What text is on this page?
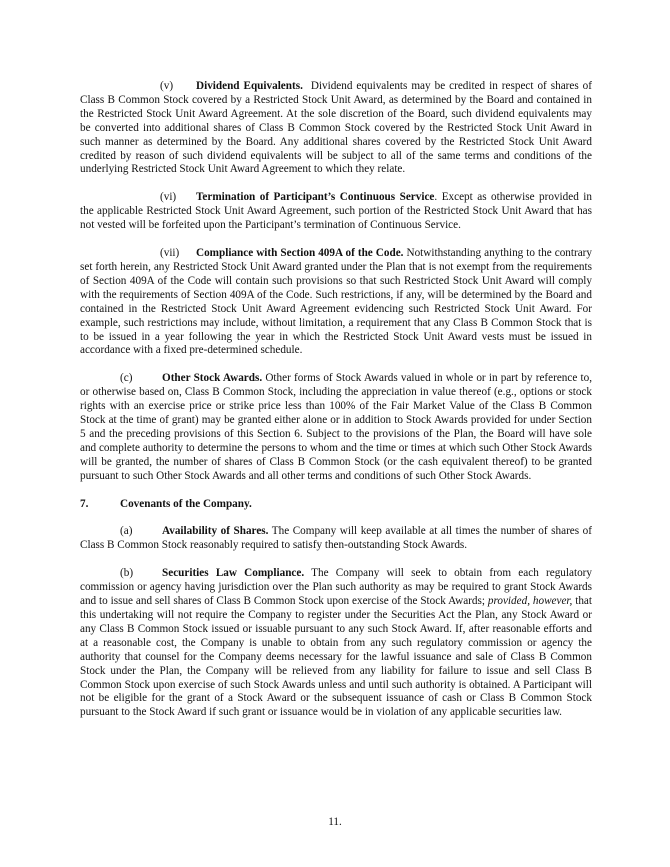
(v) Dividend Equivalents. Dividend equivalents may be credited in respect of shares of Class B Common Stock covered by a Restricted Stock Unit Award, as determined by the Board and contained in the Restricted Stock Unit Award Agreement. At the sole discretion of the Board, such dividend equivalents may be converted into additional shares of Class B Common Stock covered by the Restricted Stock Unit Award in such manner as determined by the Board. Any additional shares covered by the Restricted Stock Unit Award credited by reason of such dividend equivalents will be subject to all of the same terms and conditions of the underlying Restricted Stock Unit Award Agreement to which they relate.

(vi) Termination of Participant’s Continuous Service. Except as otherwise provided in the applicable Restricted Stock Unit Award Agreement, such portion of the Restricted Stock Unit Award that has not vested will be forfeited upon the Participant’s termination of Continuous Service.

(vii) Compliance with Section 409A of the Code. Notwithstanding anything to the contrary set forth herein, any Restricted Stock Unit Award granted under the Plan that is not exempt from the requirements of Section 409A of the Code will contain such provisions so that such Restricted Stock Unit Award will comply with the requirements of Section 409A of the Code. Such restrictions, if any, will be determined by the Board and contained in the Restricted Stock Unit Award Agreement evidencing such Restricted Stock Unit Award. For example, such restrictions may include, without limitation, a requirement that any Class B Common Stock that is to be issued in a year following the year in which the Restricted Stock Unit Award vests must be issued in accordance with a fixed pre-determined schedule.

(c)	Other Stock Awards. Other forms of Stock Awards valued in whole or in part by reference to, or otherwise based on, Class B Common Stock, including the appreciation in value thereof (e.g., options or stock rights with an exercise price or strike price less than 100% of the Fair Market Value of the Class B Common Stock at the time of grant) may be granted either alone or in addition to Stock Awards provided for under Section 5 and the preceding provisions of this Section 6. Subject to the provisions of the Plan, the Board will have sole and complete authority to determine the persons to whom and the time or times at which such Other Stock Awards will be granted, the number of shares of Class B Common Stock (or the cash equivalent thereof) to be granted pursuant to such Other Stock Awards and all other terms and conditions of such Other Stock Awards.

7.	Covenants of the Company.

(a)	Availability of Shares. The Company will keep available at all times the number of shares of Class B Common Stock reasonably required to satisfy then-outstanding Stock Awards.

(b)	Securities Law Compliance. The Company will seek to obtain from each regulatory commission or agency having jurisdiction over the Plan such authority as may be required to grant Stock Awards and to issue and sell shares of Class B Common Stock upon exercise of the Stock Awards; provided, however, that this undertaking will not require the Company to register under the Securities Act the Plan, any Stock Award or any Class B Common Stock issued or issuable pursuant to any such Stock Award. If, after reasonable efforts and at a reasonable cost, the Company is unable to obtain from any such regulatory commission or agency the authority that counsel for the Company deems necessary for the lawful issuance and sale of Class B Common Stock under the Plan, the Company will be relieved from any liability for failure to issue and sell Class B Common Stock upon exercise of such Stock Awards unless and until such authority is obtained. A Participant will not be eligible for the grant of a Stock Award or the subsequent issuance of cash or Class B Common Stock pursuant to the Stock Award if such grant or issuance would be in violation of any applicable securities law.

11.
